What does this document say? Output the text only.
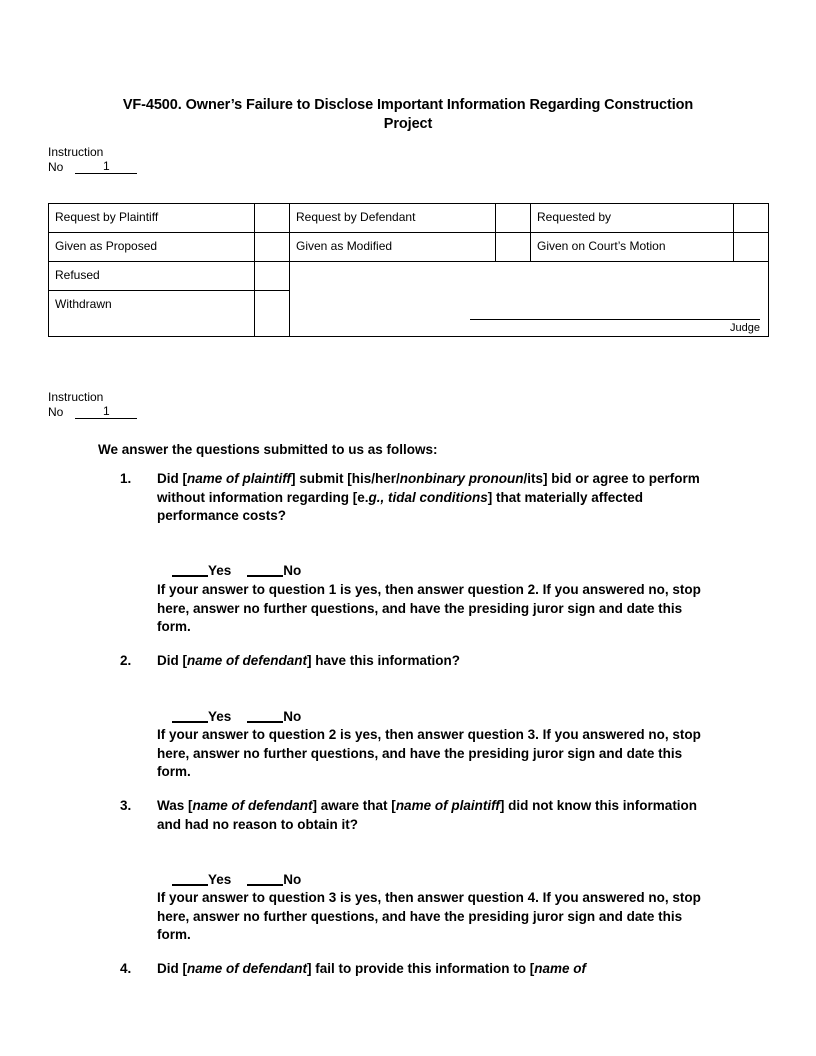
VF-4500. Owner’s Failure to Disclose Important Information Regarding Construction Project
Instruction
No	1
Request by Plaintiff		Request by Defendant		Requested by	
Given as Proposed		Given as Modified		Given on Court’s Motion	
Refused		Judge			

Withdrawn					
Instruction
No	1
We answer the questions submitted to us as follows:
1.	Did [name of plaintiff] submit [his/her/nonbinary pronoun/its] bid or agree to perform without information regarding [e.g., tidal conditions] that materially affected performance costs?

Yes	No

If your answer to question 1 is yes, then answer question 2. If you answered no, stop here, answer no further questions, and have the presiding juror sign and date this form.
2.	Did [name of defendant] have this information?

Yes	No

If your answer to question 2 is yes, then answer question 3. If you answered no, stop here, answer no further questions, and have the presiding juror sign and date this form.
3.	Was [name of defendant] aware that [name of plaintiff] did not know this information and had no reason to obtain it?

Yes	No

If your answer to question 3 is yes, then answer question 4. If you answered no, stop here, answer no further questions, and have the presiding juror sign and date this form.
4.	Did [name of defendant] fail to provide this information to [name of
